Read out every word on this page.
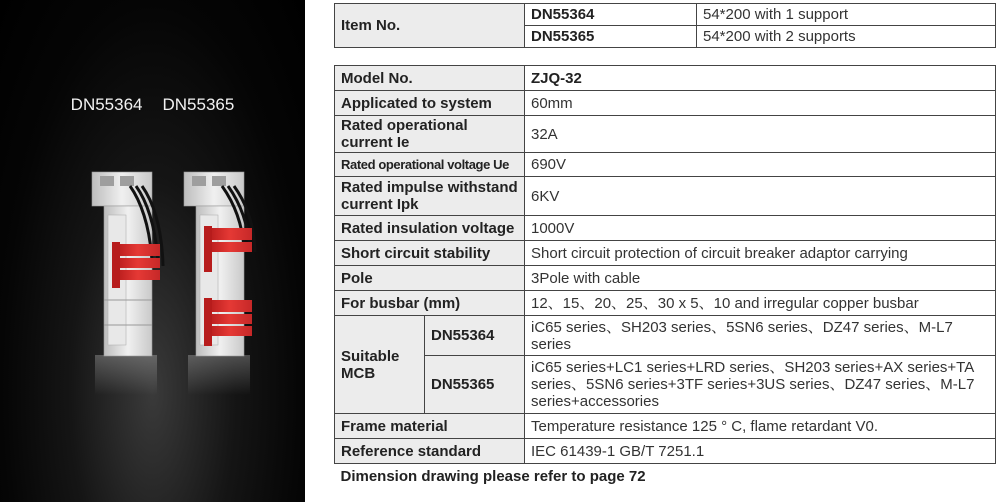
DN55364 DN55365
Item No.	DN55364	54*200 with 1 support
	DN55365	54*200 with 2 supports
Model No.		ZJQ-32
Applicated to system		60mm
Rated operational current Ie		32A
Rated operational voltage Ue		690V
Rated impulse withstand current Ipk		6KV
Rated insulation voltage		1000V
Short circuit stability		Short circuit protection of circuit breaker adaptor carrying
Pole		3Pole with cable
For busbar (mm)		12、15、20、25、30 x 5、10 and irregular copper busbar
Suitable MCB	DN55364	iC65 series、SH203 series、5SN6 series、DZ47 series、M-L7 series
	DN55365	iC65 series+LC1 series+LRD series、SH203 series+AX series+TA series、5SN6 series+3TF series+3US series、DZ47 series、M-L7 series+accessories
Frame material		Temperature resistance 125 ° C, flame retardant V0.
Reference standard		IEC 61439-1 GB/T 7251.1
Dimension drawing please refer to page 72		
